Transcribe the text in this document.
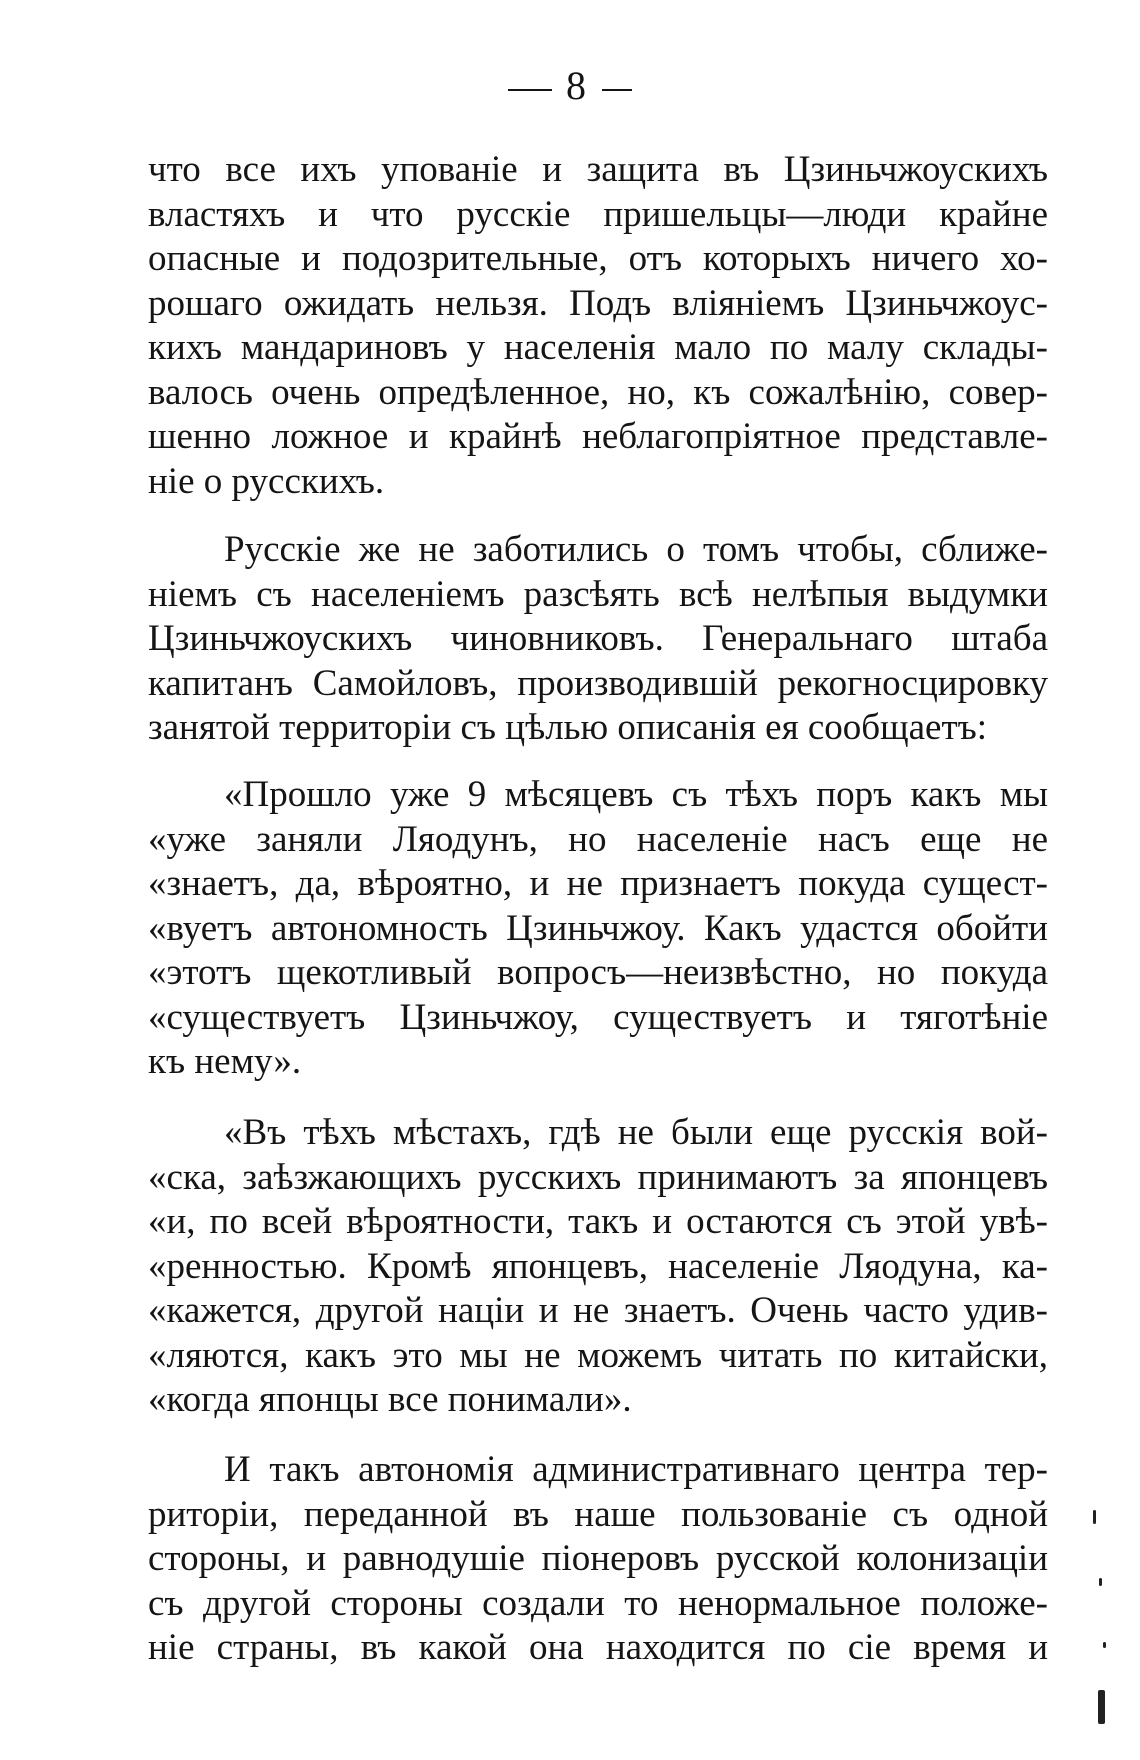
8
что все ихъ упованіе и защита въ Цзиньчжоускихъ
властяхъ и что русскіе пришельцы—люди крайне
опасные и подозрительные, отъ которыхъ ничего хо-
рошаго ожидать нельзя. Подъ вліяніемъ Цзиньчжоус-
кихъ мандариновъ у населенія мало по малу склады-
валось очень опредѣленное, но, къ сожалѣнію, совер-
шенно ложное и крайнѣ неблагопріятное представле-
ніе о русскихъ.
Русскіе же не заботились о томъ чтобы, сближе-
ніемъ съ населеніемъ разсѣять всѣ нелѣпыя выдумки
Цзиньчжоускихъ чиновниковъ. Генеральнаго штаба
капитанъ Самойловъ, производившій рекогносцировку
занятой территоріи съ цѣлью описанія ея сообщаетъ:
«Прошло уже 9 мѣсяцевъ съ тѣхъ поръ какъ мы
«уже заняли Ляодунъ, но населеніе насъ еще не
«знаетъ, да, вѣроятно, и не признаетъ покуда сущест-
«вуетъ автономность Цзиньчжоу. Какъ удастся обойти
«этотъ щекотливый вопросъ—неизвѣстно, но покуда
«существуетъ Цзиньчжоу, существуетъ и тяготѣніе
къ нему».
«Въ тѣхъ мѣстахъ, гдѣ не были еще русскія вой-
«ска, заѣзжающихъ русскихъ принимаютъ за японцевъ
«и, по всей вѣроятности, такъ и остаются съ этой увѣ-
«ренностью. Кромѣ японцевъ, населеніе Ляодуна, ка-
«кажется, другой націи и не знаетъ. Очень часто удив-
«ляются, какъ это мы не можемъ читать по китайски,
«когда японцы все понимали».
И такъ автономія административнаго центра тер-
риторіи, переданной въ наше пользованіе съ одной
стороны, и равнодушіе піонеровъ русской колонизаціи
съ другой стороны создали то ненормальное положе-
ніе страны, въ какой она находится по сіе время и
